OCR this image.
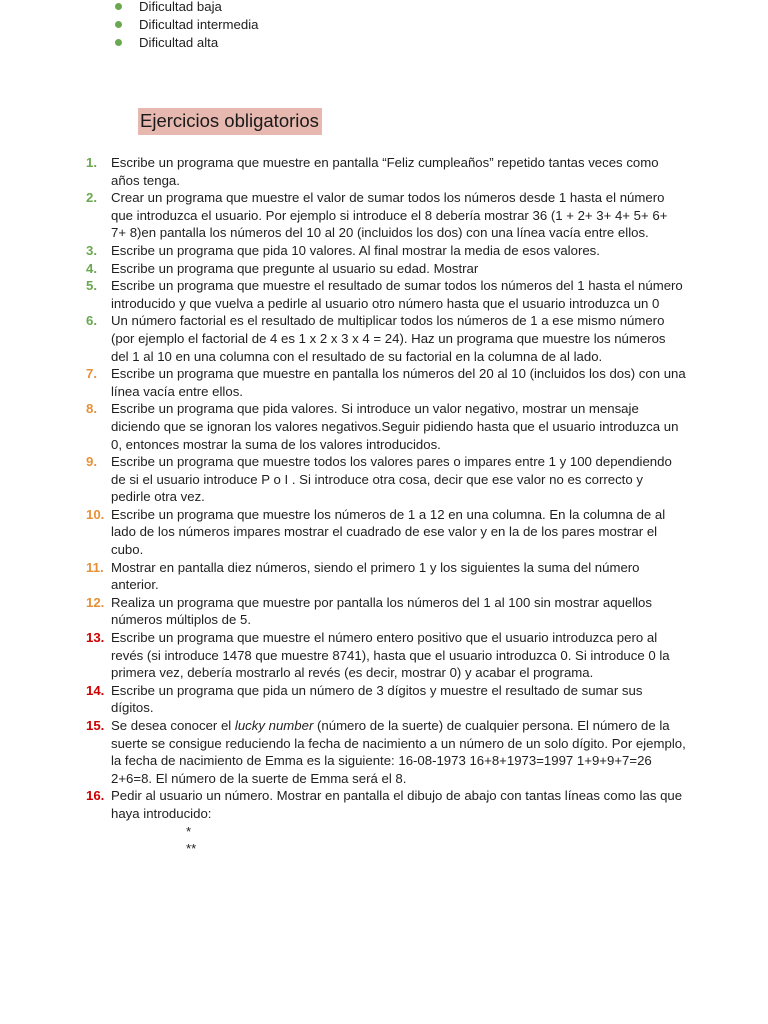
Dificultad baja
Dificultad intermedia
Dificultad alta
Ejercicios obligatorios
1. Escribe un programa que muestre en pantalla “Feliz cumpleaños” repetido tantas veces como años tenga.
2. Crear un programa que muestre el valor de sumar todos los números desde 1 hasta el número que introduzca el usuario. Por ejemplo si introduce el 8 debería mostrar 36 (1 + 2+ 3+ 4+ 5+ 6+ 7+ 8)en pantalla los números del 10 al 20 (incluidos los dos) con una línea vacía entre ellos.
3. Escribe un programa que pida 10 valores. Al final mostrar la media de esos valores.
4. Escribe un programa que pregunte al usuario su edad. Mostrar
5. Escribe un programa que muestre el resultado de sumar todos los números del 1 hasta el número introducido y que vuelva a pedirle al usuario otro número hasta que el usuario introduzca un 0
6. Un número factorial es el resultado de multiplicar todos los números de 1 a ese mismo número (por ejemplo el factorial de 4 es 1 x 2 x 3 x 4 = 24). Haz un programa que muestre los números del 1 al 10 en una columna con el resultado de su factorial en la columna de al lado.
7. Escribe un programa que muestre en pantalla los números del 20 al 10 (incluidos los dos) con una línea vacía entre ellos.
8. Escribe un programa que pida valores. Si introduce un valor negativo, mostrar un mensaje diciendo que se ignoran los valores negativos.Seguir pidiendo hasta que el usuario introduzca un 0, entonces mostrar la suma de los valores introducidos.
9. Escribe un programa que muestre todos los valores pares o impares entre 1 y 100 dependiendo de si el usuario introduce P o I . Si introduce otra cosa, decir que ese valor no es correcto y pedirle otra vez.
10. Escribe un programa que muestre los números de 1 a 12 en una columna. En la columna de al lado de los números impares mostrar el cuadrado de ese valor y en la de los pares mostrar el cubo.
11. Mostrar en pantalla diez números, siendo el primero 1 y los siguientes la suma del número anterior.
12. Realiza un programa que muestre por pantalla los números del 1 al 100 sin mostrar aquellos números múltiplos de 5.
13. Escribe un programa que muestre el número entero positivo que el usuario introduzca pero al revés (si introduce 1478 que muestre 8741), hasta que el usuario introduzca 0. Si introduce 0 la primera vez, debería mostrarlo al revés (es decir, mostrar 0) y acabar el programa.
14. Escribe un programa que pida un número de 3 dígitos y muestre el resultado de sumar sus dígitos.
15. Se desea conocer el lucky number (número de la suerte) de cualquier persona. El número de la suerte se consigue reduciendo la fecha de nacimiento a un número de un solo dígito. Por ejemplo, la fecha de nacimiento de Emma es la siguiente: 16-08-1973 16+8+1973=1997 1+9+9+7=26 2+6=8. El número de la suerte de Emma será el 8.
16. Pedir al usuario un número. Mostrar en pantalla el dibujo de abajo con tantas líneas como las que haya introducido:
*
**
